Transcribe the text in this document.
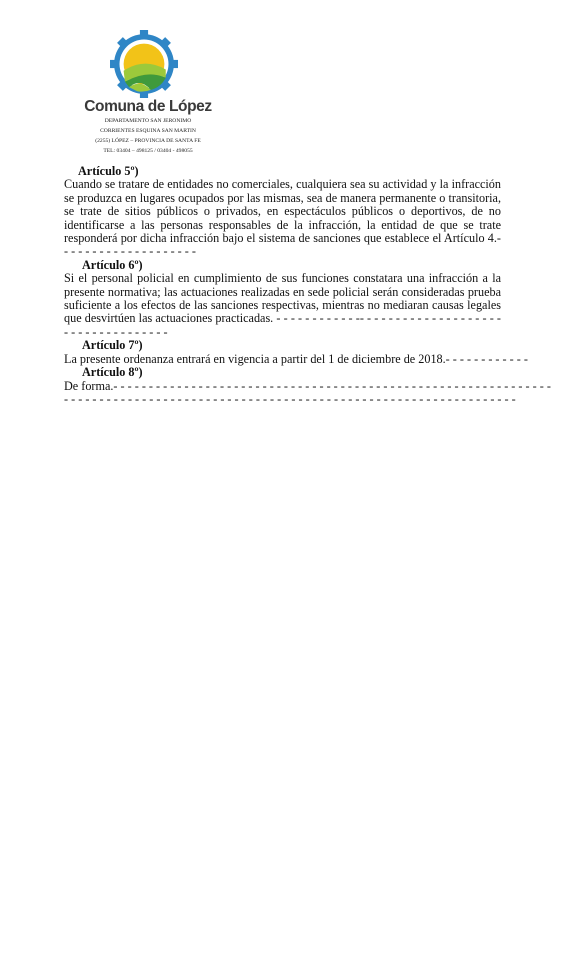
Comuna de López
DEPARTAMENTO SAN JERONIMO
CORRIENTES ESQUINA SAN MARTIN
(2255) LÓPEZ – PROVINCIA DE SANTA FE
TEL: 03404 – 498125 / 03404 - 498055

Artículo 5º)

Cuando se tratare de entidades no comerciales, cualquiera sea su actividad y la infracción se produzca en lugares ocupados por las mismas, sea de manera permanente o transitoria, se trate de sitios públicos o privados, en espectáculos públicos o deportivos, de no identificarse a las personas responsables de la infracción, la entidad de que se trate responderá por dicha infracción bajo el sistema de sanciones que establece el Artículo 4.- - - - - - - - - - - - - - - - - - - -

Artículo 6º)

Si el personal policial en cumplimiento de sus funciones constatara una infracción a la presente normativa; las actuaciones realizadas en sede policial serán consideradas prueba suficiente a los efectos de las sanciones respectivas, mientras no mediaran causas legales que desvirtúen las actuaciones practicadas. - - - - - - - - - - - -- - - - - - - - - - - - - - - - - - - - - - - - - - - - - - - - - - -

Artículo 7º)

La presente ordenanza entrará en vigencia a partir del 1 de diciembre de 2018.- - - - - - - - - - - -

Artículo 8º)

De forma.- - - - - - - - - - - - - - - - - - - - - - - - - - - - - - - - - - - - - - - - - - - - - - - - - - - - - - - - - - - - - -

- - - - - - - - - - - - - - - - - - - - - - - - - - - - - - - - - - - - - - - - - - - - - - - - - - - - - - - - - - - - - - - -
